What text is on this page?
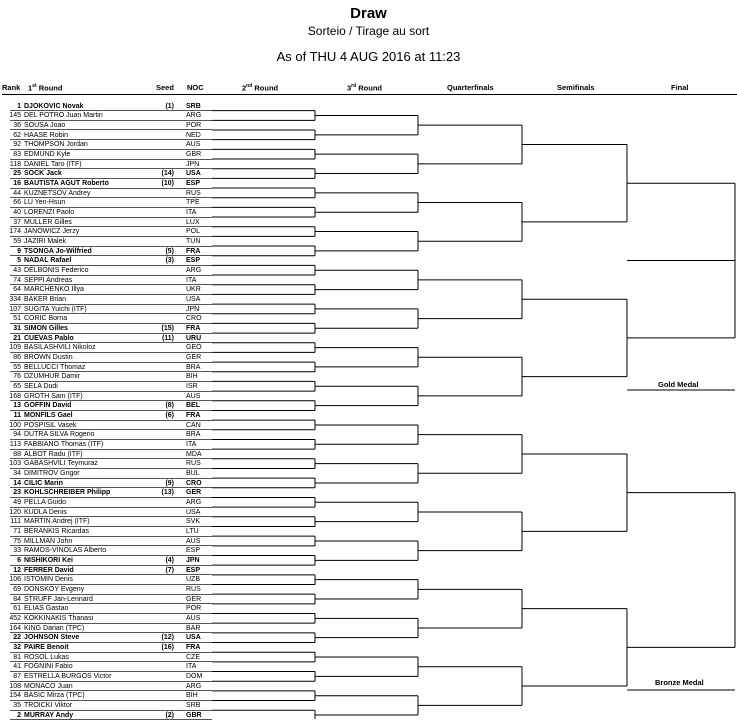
Draw
Sorteio / Tirage au sort
As of THU 4 AUG 2016 at 11:23
Rank 1st Round	Seed NOC	2nd Round	3rd Round	Quarterfinals	Semifinals	Final
1 DJOKOVIC Novak	(1) SRB
145 DEL POTRO Juan Martin	ARG
36 SOUSA Joao	POR
62 HAASE Robin	NED
92 THOMPSON Jordan	AUS
83 EDMUND Kyle	GBR
118 DANIEL Taro (ITF)	JPN
25 SOCK Jack	(14) USA
16 BAUTISTA AGUT Roberto	(10) ESP
44 KUZNETSOV Andrey	RUS
66 LU Yen-Hsun	TPE
40 LORENZI Paolo	ITA
37 MULLER Gilles	LUX
174 JANOWICZ Jerzy	POL
59 JAZIRI Malek	TUN
9 TSONGA Jo-Wilfried	(5) FRA
5 NADAL Rafael	(3) ESP
43 DELBONIS Federico	ARG
74 SEPPI Andreas	ITA
64 MARCHENKO Illya	UKR
334 BAKER Brian	USA
107 SUGITA Yuichi (ITF)	JPN
51 CORIC Borna	CRO
31 SIMON Gilles	(15) FRA
21 CUEVAS Pablo	(11) URU
109 BASILASHVILI Nikoloz	GEO
86 BROWN Dustin	GER
55 BELLUCCI Thomaz	BRA
76 DZUMHUR Damir	BIH
65 SELA Dudi	ISR
168 GROTH Sam (ITF)	AUS
13 GOFFIN David	(8) BEL
11 MONFILS Gael	(6) FRA
100 POSPISIL Vasek	CAN
94 DUTRA SILVA Rogerio	BRA
113 FABBIANO Thomas (ITF)	ITA
88 ALBOT Radu (ITF)	MDA
103 GABASHVILI Teymuraz	RUS
34 DIMITROV Grigor	BUL
14 CILIC Marin	(9) CRO
23 KOHLSCHREIBER Philipp	(13) GER
49 PELLA Guido	ARG
120 KUDLA Denis	USA
111 MARTIN Andrej (ITF)	SVK
71 BERANKIS Ricardas	LTU
75 MILLMAN John	AUS
33 RAMOS-VINOLAS Alberto	ESP
6 NISHIKORI Kei	(4) JPN
12 FERRER David	(7) ESP
106 ISTOMIN Denis	UZB
69 DONSKOY Evgeny	RUS
84 STRUFF Jan-Lennard	GER
61 ELIAS Gastao	POR
452 KOKKINAKIS Thanasi	AUS
164 KING Darian (TPC)	BAR
22 JOHNSON Steve	(12) USA
32 PAIRE Benoit	(16) FRA
81 ROSOL Lukas	CZE
41 FOGNINI Fabio	ITA
87 ESTRELLA BURGOS Victor	DOM
108 MONACO Juan	ARG
154 BASIC Mirza (TPC)	BIH
35 TROICKI Viktor	SRB
2 MURRAY Andy	(2) GBR
Gold Medal
Bronze Medal
